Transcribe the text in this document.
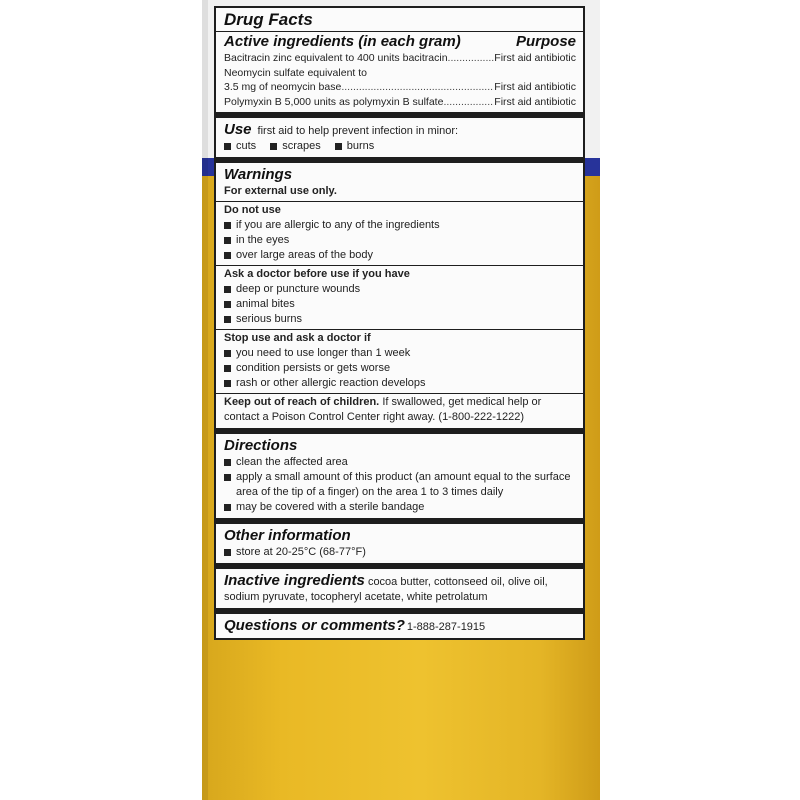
Drug Facts
Active ingredients (in each gram)	Purpose
Bacitracin zinc equivalent to 400 units bacitracin .....	First aid antibiotic
Neomycin sulfate equivalent to
3.5 mg of neomycin base .....	First aid antibiotic
Polymyxin B 5,000 units as polymyxin B sulfate .....	First aid antibiotic
Use first aid to help prevent infection in minor:
cuts scrapes burns
Warnings
For external use only.
Do not use
if you are allergic to any of the ingredients
in the eyes
over large areas of the body
Ask a doctor before use if you have
deep or puncture wounds
animal bites
serious burns
Stop use and ask a doctor if
you need to use longer than 1 week
condition persists or gets worse
rash or other allergic reaction develops
Keep out of reach of children. If swallowed, get medical help or contact a Poison Control Center right away. (1-800-222-1222)
Directions
clean the affected area
apply a small amount of this product (an amount equal to the surface area of the tip of a finger) on the area 1 to 3 times daily
may be covered with a sterile bandage
Other information
store at 20-25°C (68-77°F)
Inactive ingredients cocoa butter, cottonseed oil, olive oil, sodium pyruvate, tocopheryl acetate, white petrolatum
Questions or comments? 1-888-287-1915
